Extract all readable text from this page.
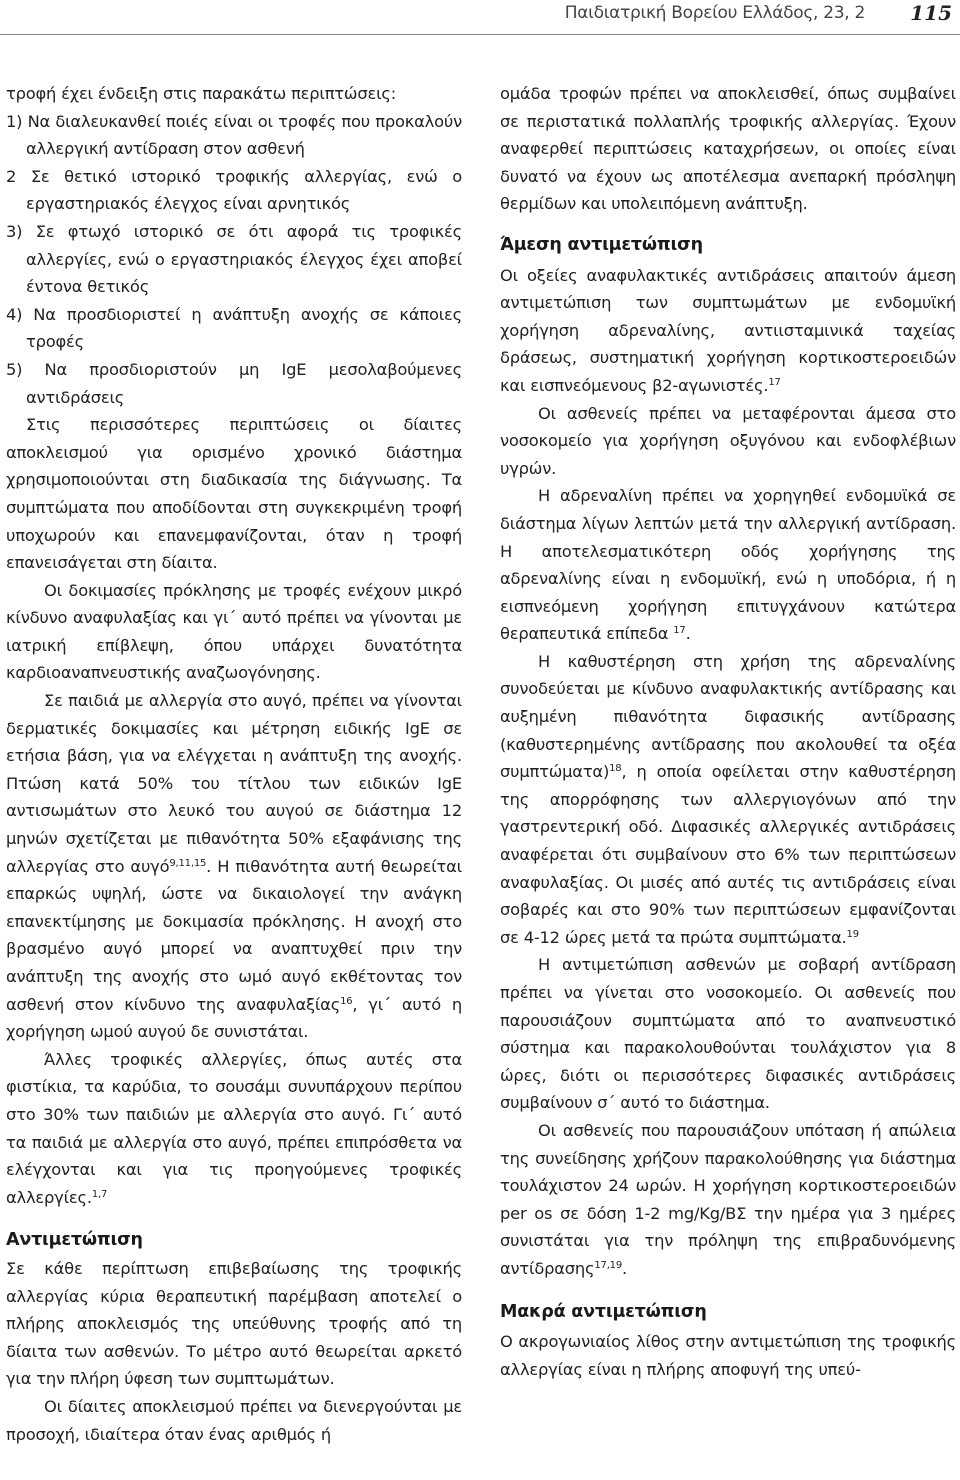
Παιδιατρική Βορείου Ελλάδος, 23, 2 115

τροφή έχει ένδειξη στις παρακάτω περιπτώσεις:

1) Να διαλευκανθεί ποιές είναι οι τροφές που προκαλούν αλλεργική αντίδραση στον ασθενή

2 Σε θετικό ιστορικό τροφικής αλλεργίας, ενώ ο εργαστηριακός έλεγχος είναι αρνητικός

3) Σε φτωχό ιστορικό σε ότι αφορά τις τροφικές αλλεργίες, ενώ ο εργαστηριακός έλεγχος έχει αποβεί έντονα θετικός

4) Να προσδιοριστεί η ανάπτυξη ανοχής σε κάποιες τροφές

5) Να προσδιοριστούν μη IgE μεσολαβούμενες αντιδράσεις

Στις περισσότερες περιπτώσεις οι δίαιτες αποκλεισμού για ορισμένο χρονικό διάστημα χρησιμοποιούνται στη διαδικασία της διάγνωσης. Τα συμπτώματα που αποδίδονται στη συγκεκριμένη τροφή υποχωρούν και επανεμφανίζονται, όταν η τροφή επανεισάγεται στη δίαιτα.

Οι δοκιμασίες πρόκλησης με τροφές ενέχουν μικρό κίνδυνο αναφυλαξίας και γι΄ αυτό πρέπει να γίνονται με ιατρική επίβλεψη, όπου υπάρχει δυνατότητα καρδιοαναπνευστικής αναζωογόνησης.

Σε παιδιά με αλλεργία στο αυγό, πρέπει να γίνονται δερματικές δοκιμασίες και μέτρηση ειδικής IgE σε ετήσια βάση, για να ελέγχεται η ανάπτυξη της ανοχής. Πτώση κατά 50% του τίτλου των ειδικών IgE αντισωμάτων στο λευκό του αυγού σε διάστημα 12 μηνών σχετίζεται με πιθανότητα 50% εξαφάνισης της αλλεργίας στο αυγό$^{9,11,15}$. Η πιθανότητα αυτή θεωρείται επαρκώς υψηλή, ώστε να δικαιολογεί την ανάγκη επανεκτίμησης με δοκιμασία πρόκλησης. Η ανοχή στο βρασμένο αυγό μπορεί να αναπτυχθεί πριν την ανάπτυξη της ανοχής στο ωμό αυγό εκθέτοντας τον ασθενή στον κίνδυνο της αναφυλαξίας$^{16}$, γι΄ αυτό η χορήγηση ωμού αυγού δε συνιστάται.

Άλλες τροφικές αλλεργίες, όπως αυτές στα φιστίκια, τα καρύδια, το σουσάμι συνυπάρχουν περίπου στο 30% των παιδιών με αλλεργία στο αυγό. Γι΄ αυτό τα παιδιά με αλλεργία στο αυγό, πρέπει επιπρόσθετα να ελέγχονται και για τις προηγούμενες τροφικές αλλεργίες.$^{1,7}$

Αντιμετώπιση

Σε κάθε περίπτωση επιβεβαίωσης της τροφικής αλλεργίας κύρια θεραπευτική παρέμβαση αποτελεί ο πλήρης αποκλεισμός της υπεύθυνης τροφής από τη δίαιτα των ασθενών. Το μέτρο αυτό θεωρείται αρκετό για την πλήρη ύφεση των συμπτωμάτων.

Οι δίαιτες αποκλεισμού πρέπει να διενεργούνται με προσοχή, ιδιαίτερα όταν ένας αριθμός ή

ομάδα τροφών πρέπει να αποκλεισθεί, όπως συμβαίνει σε περιστατικά πολλαπλής τροφικής αλλεργίας. Έχουν αναφερθεί περιπτώσεις καταχρήσεων, οι οποίες είναι δυνατό να έχουν ως αποτέλεσμα ανεπαρκή πρόσληψη θερμίδων και υπολειπόμενη ανάπτυξη.

Άμεση αντιμετώπιση

Οι οξείες αναφυλακτικές αντιδράσεις απαιτούν άμεση αντιμετώπιση των συμπτωμάτων με ενδομυϊκή χορήγηση αδρεναλίνης, αντιισταμινικά ταχείας δράσεως, συστηματική χορήγηση κορτικοστεροειδών και εισπνεόμενους β2-αγωνιστές.$^{17}$

Οι ασθενείς πρέπει να μεταφέρονται άμεσα στο νοσοκομείο για χορήγηση οξυγόνου και ενδοφλέβιων υγρών.

Η αδρεναλίνη πρέπει να χορηγηθεί ενδομυϊκά σε διάστημα λίγων λεπτών μετά την αλλεργική αντίδραση. Η αποτελεσματικότερη οδός χορήγησης της αδρεναλίνης είναι η ενδομυϊκή, ενώ η υποδόρια, ή η εισπνεόμενη χορήγηση επιτυγχάνουν κατώτερα θεραπευτικά επίπεδα $^{17}$.

Η καθυστέρηση στη χρήση της αδρεναλίνης συνοδεύεται με κίνδυνο αναφυλακτικής αντίδρασης και αυξημένη πιθανότητα διφασικής αντίδρασης (καθυστερημένης αντίδρασης που ακολουθεί τα οξέα συμπτώματα)$^{18}$, η οποία οφείλεται στην καθυστέρηση της απορρόφησης των αλλεργιογόνων από την γαστρεντερική οδό. Διφασικές αλλεργικές αντιδράσεις αναφέρεται ότι συμβαίνουν στο 6% των περιπτώσεων αναφυλαξίας. Οι μισές από αυτές τις αντιδράσεις είναι σοβαρές και στο 90% των περιπτώσεων εμφανίζονται σε 4-12 ώρες μετά τα πρώτα συμπτώματα.$^{19}$

Η αντιμετώπιση ασθενών με σοβαρή αντίδραση πρέπει να γίνεται στο νοσοκομείο. Οι ασθενείς που παρουσιάζουν συμπτώματα από το αναπνευστικό σύστημα και παρακολουθούνται τουλάχιστον για 8 ώρες, διότι οι περισσότερες διφασικές αντιδράσεις συμβαίνουν σ΄ αυτό το διάστημα.

Οι ασθενείς που παρουσιάζουν υπόταση ή απώλεια της συνείδησης χρήζουν παρακολούθησης για διάστημα τουλάχιστον 24 ωρών. Η χορήγηση κορτικοστεροειδών per os σε δόση 1-2 mg/Kg/BΣ την ημέρα για 3 ημέρες συνιστάται για την πρόληψη της επιβραδυνόμενης αντίδρασης$^{17,19}$.

Μακρά αντιμετώπιση

Ο ακρογωνιαίος λίθος στην αντιμετώπιση της τροφικής αλλεργίας είναι η πλήρης αποφυγή της υπεύ-
